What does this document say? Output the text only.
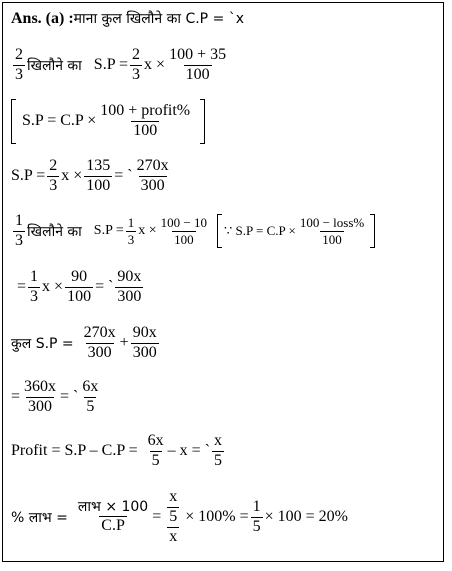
Ans. (a) : माना कुल खिलौने का C.P = `x
$\frac{2}{3}$ खिलौने का $S.P = \frac{2}{3}$ $x \times \frac{100 + 35}{100}$
$S.P = C.P \times \frac{\text{100 + profit\%}}{100}$
$S.P = \frac{2}{3}$ $x \times \frac{135}{100}$ = ` $\frac{270x}{300}$
$\frac{1}{3}$ खिलौने का $S.P = \frac{1}{3}$ $x \times \frac{100 - 10}{100}$ ∵ $S.P = C.P \times \frac{\text{100 − loss\%}}{100}$
= $\frac{1}{3}$ $x \times \frac{90}{100}$ = ` $\frac{90x}{300}$
कुल $S.P = \frac{270x}{300} + \frac{90x}{300}$
= $\frac{360x}{300}$ = ` $\frac{6x}{5}$
Profit = $S.P - C.P = \frac{6x}{5} - x$ = ` $\frac{x}{5}$
% लाभ = $\frac{\text{लाभ × 100}}{C.P} = \frac{\frac{x}{5}}{x} \times 100\% = \frac{1}{5} \times 100 = 20\%$
